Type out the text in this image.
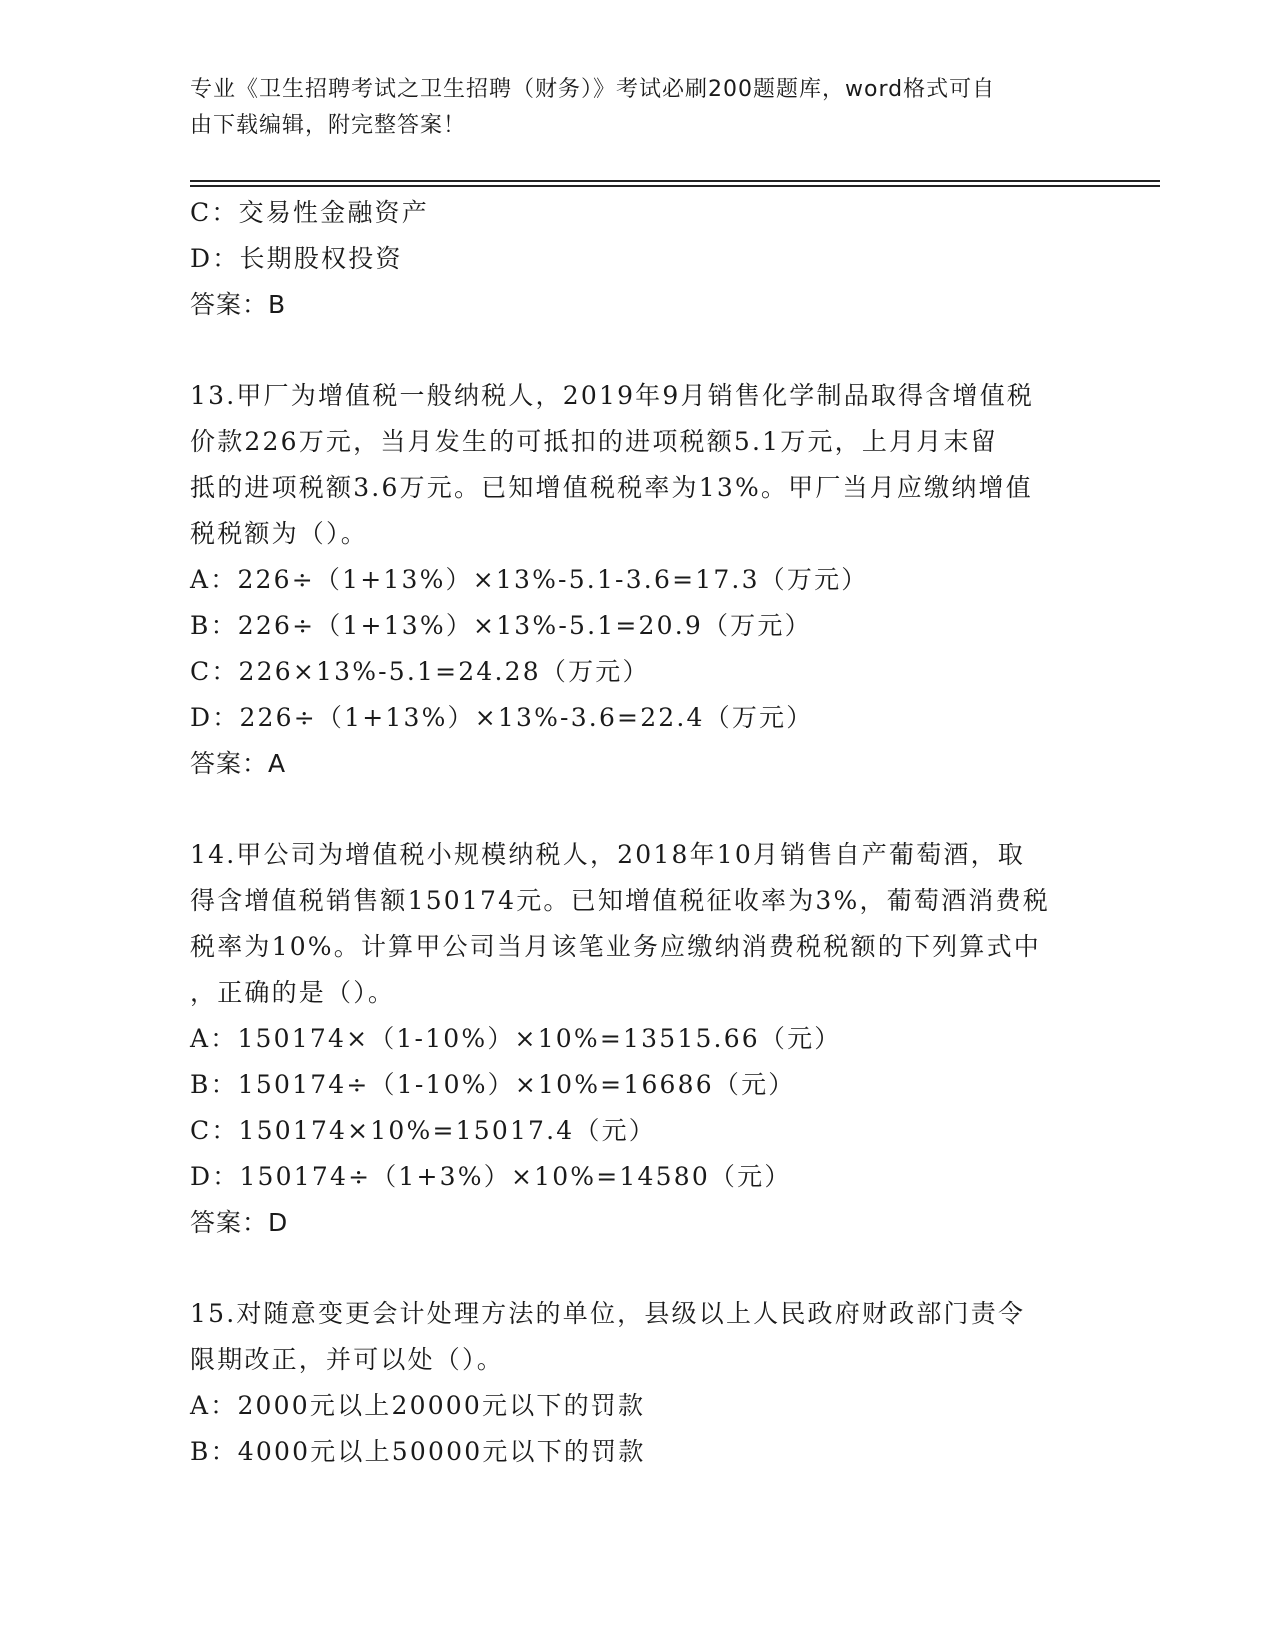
专业《卫生招聘考试之卫生招聘（财务）》考试必刷200题题库，word格式可自
由下载编辑，附完整答案！
C：交易性金融资产
D：长期股权投资
答案：B
13.甲厂为增值税一般纳税人，2019年9月销售化学制品取得含增值税
价款226万元，当月发生的可抵扣的进项税额5.1万元，上月月末留
抵的进项税额3.6万元。已知增值税税率为13%。甲厂当月应缴纳增值
税税额为（）。
A：226÷（1+13%）×13%-5.1-3.6=17.3（万元）
B：226÷（1+13%）×13%-5.1=20.9（万元）
C：226×13%-5.1=24.28（万元）
D：226÷（1+13%）×13%-3.6=22.4（万元）
答案：A
14.甲公司为增值税小规模纳税人，2018年10月销售自产葡萄酒，取
得含增值税销售额150174元。已知增值税征收率为3%，葡萄酒消费税
税率为10%。计算甲公司当月该笔业务应缴纳消费税税额的下列算式中
，正确的是（）。
A：150174×（1-10%）×10%=13515.66（元）
B：150174÷（1-10%）×10%=16686（元）
C：150174×10%=15017.4（元）
D：150174÷（1+3%）×10%=14580（元）
答案：D
15.对随意变更会计处理方法的单位，县级以上人民政府财政部门责令
限期改正，并可以处（）。
A：2000元以上20000元以下的罚款
B：4000元以上50000元以下的罚款
